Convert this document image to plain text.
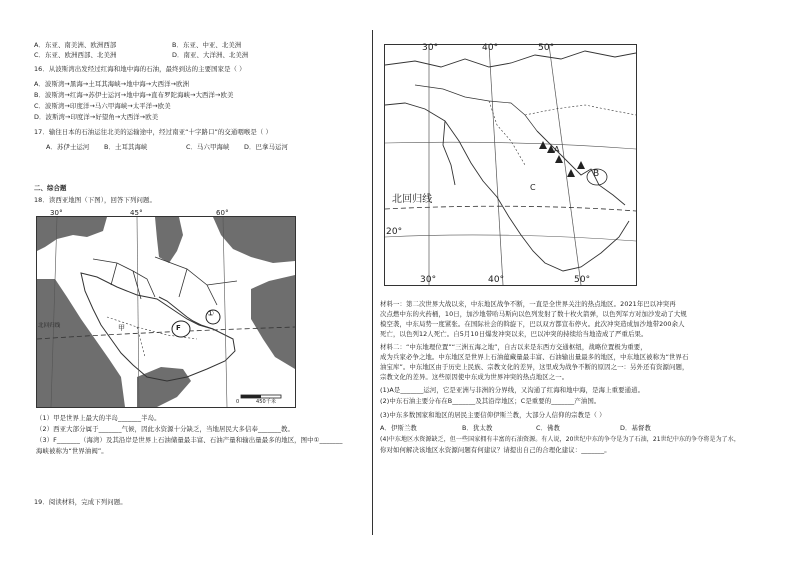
A．东亚、南美洲、欧洲西部	B．东亚、中亚、北美洲
C．东亚、欧洲西部、北美洲	D．南亚、大洋洲、北美洲
16．从波斯湾出发经过红海和地中海的石油，最终到达的主要国家是（ ）
A．波斯湾→黑海→土耳其海峡→地中海→大西洋→欧洲
B．波斯湾→红海→苏伊士运河→地中海→直布罗陀海峡→大西洋→欧美
C．波斯湾→印度洋→马六甲海峡→太平洋→欧美
D．波斯湾→印度洋→好望角→大西洋→欧美
17．输往日本的石油运往北美的运输途中，经过南亚“十字路口”的交通咽喉是（ ）
A．苏伊士运河 B．土耳其海峡	C．马六甲海峡 D．巴拿马运河
二、综合题
18．读西亚地图（下图），回答下列问题。
30°	45°	60°
北回归线	F
①
甲
0	450千米
（1）甲是世界上最大的半岛_______半岛。
（2）西亚大部分属于_______气候，因此水资源十分缺乏，当地居民大多信奉_______教。
（3）F_______（海湾）及其沿岸是世界上石油储量最丰富、石油产量和输出量最多的地区，图中①_______
海峡被称为“世界油阀”。
19．阅读材料，完成下列问题。
30°	40°	50°
30°	40°	50°
20°
北回归线
A
B
C
材料一：第二次世界大战以来，中东地区战争不断，一直是全世界关注的热点地区。2021年巴以冲突再
次点燃中东的火药桶，10日，加沙地带哈马斯向以色列发射了数十枚火箭弹，以色列军方对加沙发动了大规
模空袭，中东局势一度紧张。在国际社会的斡旋下，巴以双方都宣布停火。此次冲突造成加沙地带200余人
死亡，以色列12人死亡。自5月10日爆发冲突以来，巴以冲突的持续给当地造成了严重后果。
材料二：“中东地理位置”“三洲五海之地”，自古以来是东西方交通枢纽，战略位置极为重要，
成为兵家必争之地。中东地区是世界上石油蕴藏量最丰富、石油输出量最多的地区，中东地区被称为“世界石
油宝库”。中东地区由于历史上民族、宗教文化的差异，这里成为战争不断的原因之一：另外还有资源问题，
宗教文化的差异。这些原因使中东成为世界冲突的热点地区之一。
(1)A是_______运河，它是亚洲与非洲的分界线，又沟通了红海和地中海，是海上重要通道。
(2)中东石油主要分布在B_______及其沿岸地区；C是重要的_______产油国。
(3)中东多数国家和地区的居民主要信仰伊斯兰教，大部分人信仰的宗教是（ ）
A．伊斯兰教	B．犹太教	C．佛教	D．基督教
(4)中东地区水资源缺乏，但一些国家拥有丰富的石油资源。有人说，20世纪中东的争夺是为了石油，21世纪中东的争夺将是为了水，
你对如何解决该地区水资源问题有何建议？请提出自己的合理化建议：_______。
